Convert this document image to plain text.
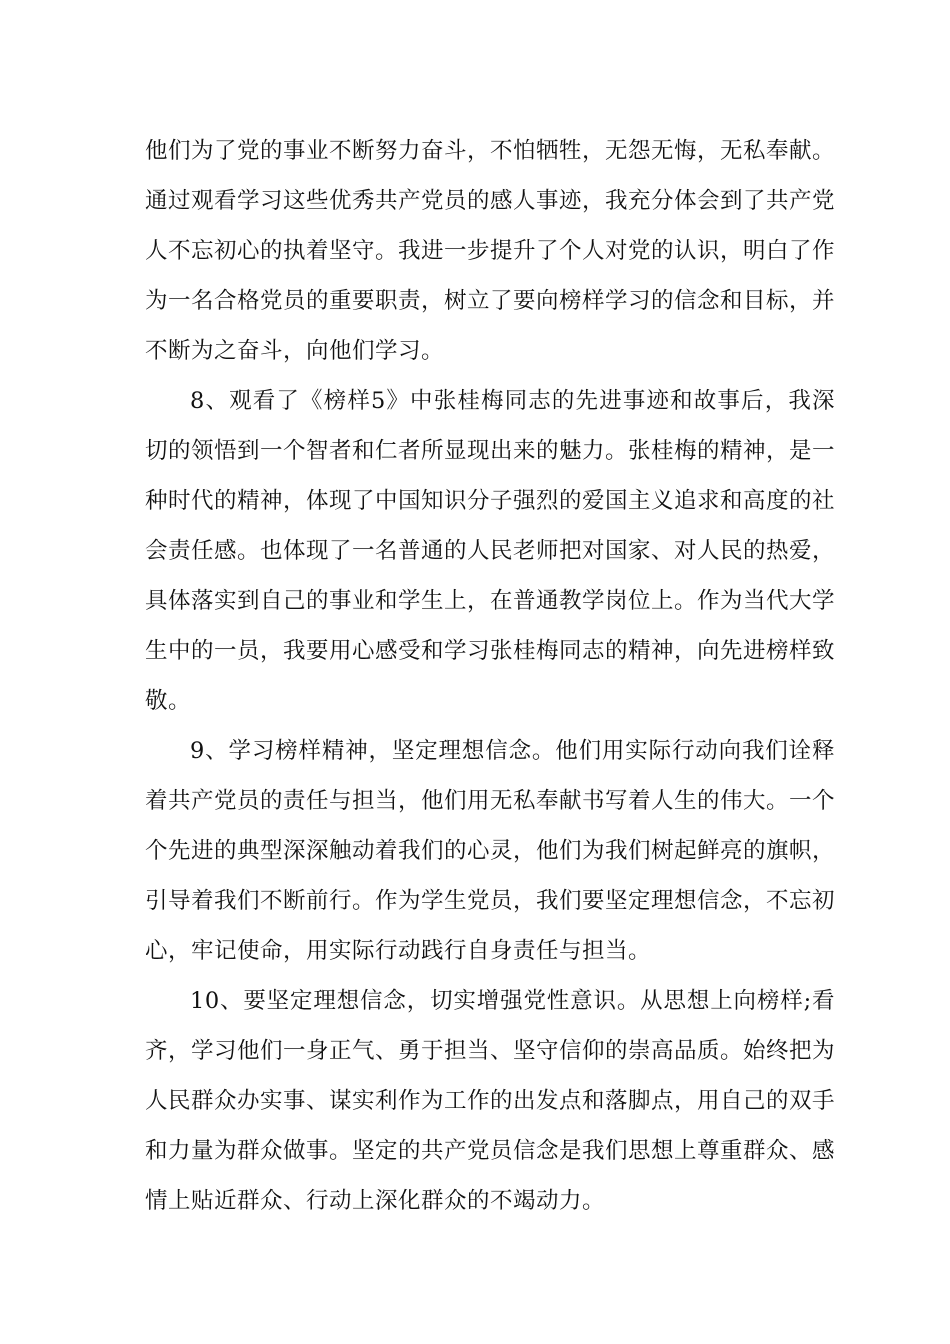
他们为了党的事业不断努力奋斗，不怕牺牲，无怨无悔，无私奉献。通过观看学习这些优秀共产党员的感人事迹，我充分体会到了共产党人不忘初心的执着坚守。我进一步提升了个人对党的认识，明白了作为一名合格党员的重要职责，树立了要向榜样学习的信念和目标，并不断为之奋斗，向他们学习。

8、观看了《榜样5》中张桂梅同志的先进事迹和故事后，我深切的领悟到一个智者和仁者所显现出来的魅力。张桂梅的精神，是一种时代的精神，体现了中国知识分子强烈的爱国主义追求和高度的社会责任感。也体现了一名普通的人民老师把对国家、对人民的热爱，具体落实到自己的事业和学生上，在普通教学岗位上。作为当代大学生中的一员，我要用心感受和学习张桂梅同志的精神，向先进榜样致敬。

9、学习榜样精神，坚定理想信念。他们用实际行动向我们诠释着共产党员的责任与担当，他们用无私奉献书写着人生的伟大。一个个先进的典型深深触动着我们的心灵，他们为我们树起鲜亮的旗帜，引导着我们不断前行。作为学生党员，我们要坚定理想信念，不忘初心，牢记使命，用实际行动践行自身责任与担当。

10、要坚定理想信念，切实增强党性意识。从思想上向榜样;看齐，学习他们一身正气、勇于担当、坚守信仰的崇高品质。始终把为人民群众办实事、谋实利作为工作的出发点和落脚点，用自己的双手和力量为群众做事。坚定的共产党员信念是我们思想上尊重群众、感情上贴近群众、行动上深化群众的不竭动力。
